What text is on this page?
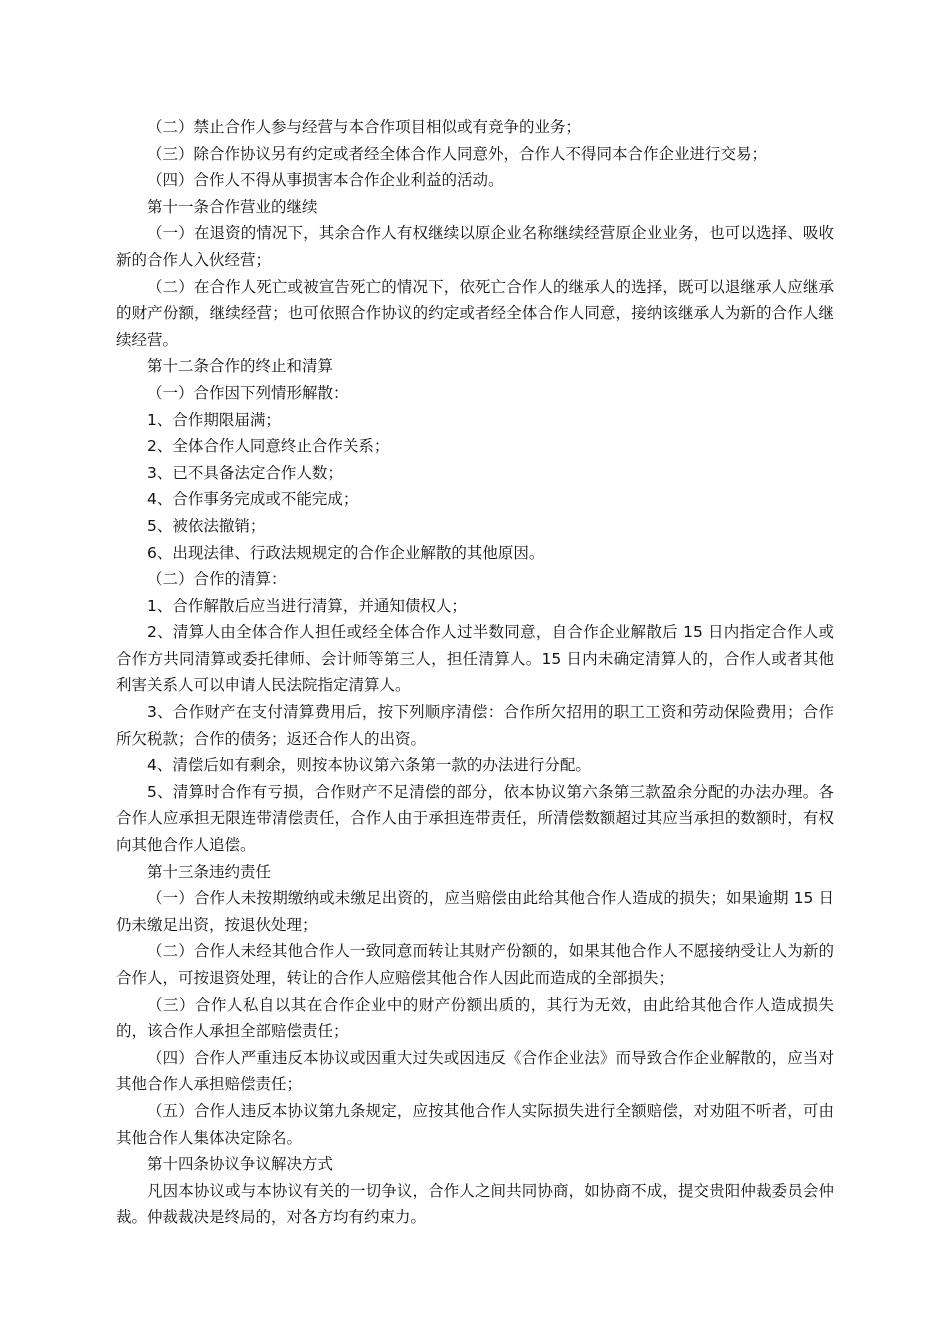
（二）禁止合作人参与经营与本合作项目相似或有竞争的业务；

（三）除合作协议另有约定或者经全体合作人同意外，合作人不得同本合作企业进行交易；

（四）合作人不得从事损害本合作企业利益的活动。

第十一条合作营业的继续

（一）在退资的情况下，其余合作人有权继续以原企业名称继续经营原企业业务，也可以选择、吸收新的合作人入伙经营；

（二）在合作人死亡或被宣告死亡的情况下，依死亡合作人的继承人的选择，既可以退继承人应继承的财产份额，继续经营；也可依照合作协议的约定或者经全体合作人同意，接纳该继承人为新的合作人继续经营。

第十二条合作的终止和清算

（一）合作因下列情形解散：

1、合作期限届满；

2、全体合作人同意终止合作关系；

3、已不具备法定合作人数；

4、合作事务完成或不能完成；

5、被依法撤销；

6、出现法律、行政法规规定的合作企业解散的其他原因。

（二）合作的清算：

1、合作解散后应当进行清算，并通知债权人；

2、清算人由全体合作人担任或经全体合作人过半数同意，自合作企业解散后 15 日内指定合作人或合作方共同清算或委托律师、会计师等第三人，担任清算人。15 日内未确定清算人的，合作人或者其他利害关系人可以申请人民法院指定清算人。

3、合作财产在支付清算费用后，按下列顺序清偿：合作所欠招用的职工工资和劳动保险费用；合作所欠税款；合作的债务；返还合作人的出资。

4、清偿后如有剩余，则按本协议第六条第一款的办法进行分配。

5、清算时合作有亏损，合作财产不足清偿的部分，依本协议第六条第三款盈余分配的办法办理。各合作人应承担无限连带清偿责任，合作人由于承担连带责任，所清偿数额超过其应当承担的数额时，有权向其他合作人追偿。

第十三条违约责任

（一）合作人未按期缴纳或未缴足出资的，应当赔偿由此给其他合作人造成的损失；如果逾期 15 日仍未缴足出资，按退伙处理；

（二）合作人未经其他合作人一致同意而转让其财产份额的，如果其他合作人不愿接纳受让人为新的合作人，可按退资处理，转让的合作人应赔偿其他合作人因此而造成的全部损失；

（三）合作人私自以其在合作企业中的财产份额出质的，其行为无效，由此给其他合作人造成损失的，该合作人承担全部赔偿责任；

（四）合作人严重违反本协议或因重大过失或因违反《合作企业法》而导致合作企业解散的，应当对其他合作人承担赔偿责任；

（五）合作人违反本协议第九条规定，应按其他合作人实际损失进行全额赔偿，对劝阻不听者，可由其他合作人集体决定除名。

第十四条协议争议解决方式

凡因本协议或与本协议有关的一切争议，合作人之间共同协商，如协商不成，提交贵阳仲裁委员会仲裁。仲裁裁决是终局的，对各方均有约束力。
